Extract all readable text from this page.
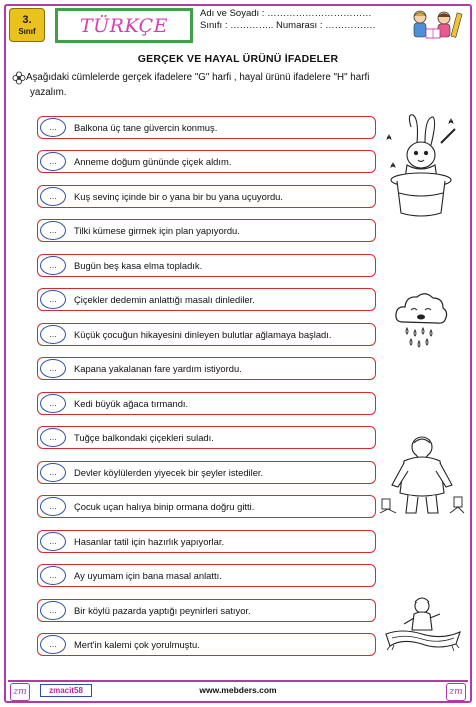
3.
Sınıf TÜRKÇE
Adı ve Soyadı : ……………………………
Sınıfı : ………….. Numarası : …………….
GERÇEK VE HAYAL ÜRÜNÜ İFADELER
Aşağıdaki cümlelerde gerçek ifadelere "G" harfi , hayal ürünü ifadelere "H" harfi
yazalım.
…	Balkona üç tane güvercin konmuş.
…	Anneme doğum gününde çiçek aldım.
…	Kuş sevinç içinde bir o yana bir bu yana uçuyordu.
…	Tilki kümese girmek için plan yapıyordu.
…	Bugün beş kasa elma topladık.
…	Çiçekler dedemin anlattığı masalı dinlediler.
…	Küçük çocuğun hikayesini dinleyen bulutlar ağlamaya başladı.
…	Kapana yakalanan fare yardım istiyordu.
…	Kedi büyük ağaca tırmandı.
…	Tuğçe balkondaki çiçekleri suladı.
…	Devler köylülerden yiyecek bir şeyler istediler.
…	Çocuk uçan halıya binip ormana doğru gitti.
…	Hasanlar tatil için hazırlık yapıyorlar.
…	Ay uyumam için bana masal anlattı.
…	Bir köylü pazarda yaptığı peynirleri satıyor.
…	Mert'in kalemi çok yorulmuştu.
zm	zmacit58	www.mebders.com	zm
